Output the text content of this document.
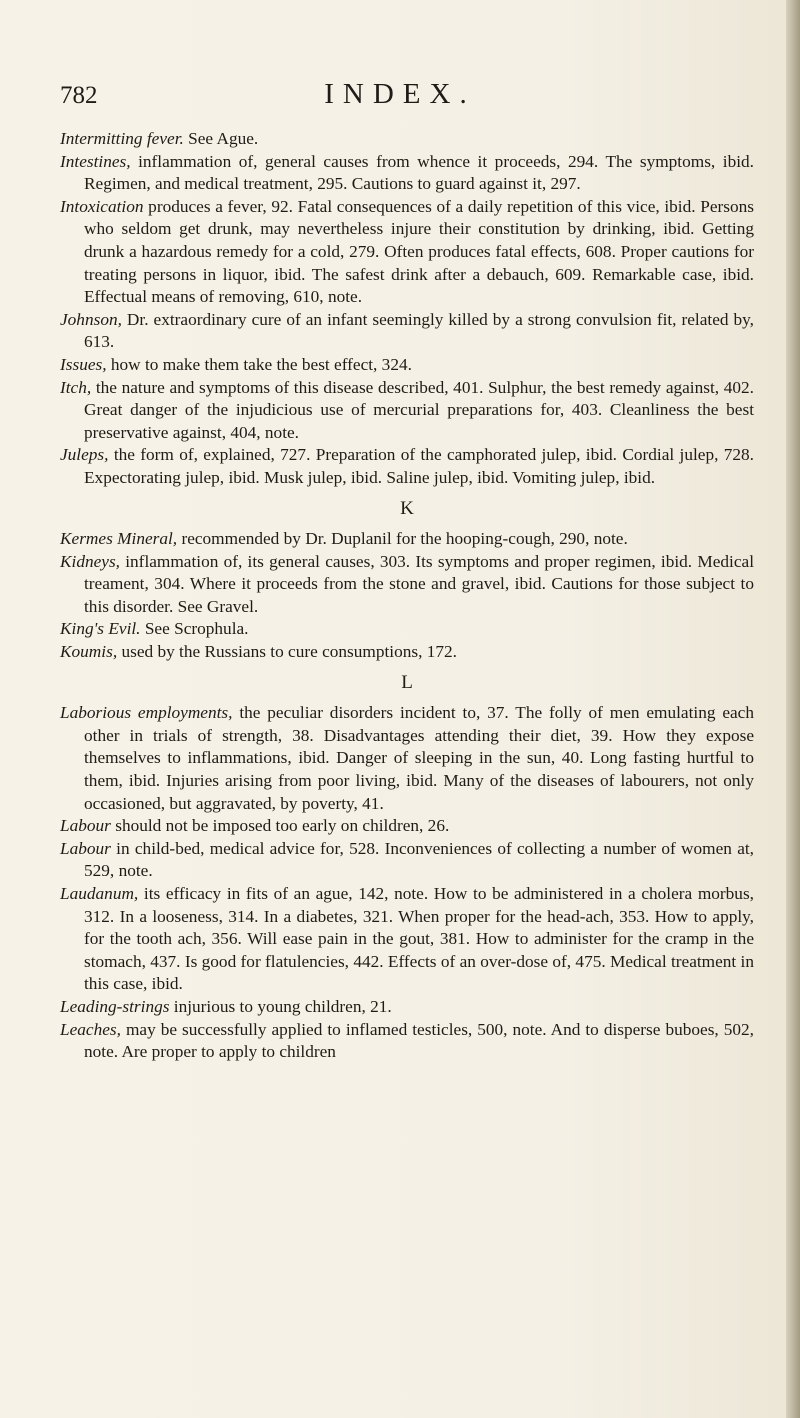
782	INDEX.

Intermitting fever. See Ague.

Intestines, inflammation of, general causes from whence it proceeds, 294. The symptoms, ibid. Regimen, and medical treatment, 295. Cautions to guard against it, 297.

Intoxication produces a fever, 92. Fatal consequences of a daily repetition of this vice, ibid. Persons who seldom get drunk, may nevertheless injure their constitution by drinking, ibid. Getting drunk a hazardous remedy for a cold, 279. Often produces fatal effects, 608. Proper cautions for treating persons in liquor, ibid. The safest drink after a debauch, 609. Remarkable case, ibid. Effectual means of removing, 610, note.

Johnson, Dr. extraordinary cure of an infant seemingly killed by a strong convulsion fit, related by, 613.

Issues, how to make them take the best effect, 324.

Itch, the nature and symptoms of this disease described, 401. Sulphur, the best remedy against, 402. Great danger of the injudicious use of mercurial preparations for, 403. Cleanliness the best preservative against, 404, note.

Juleps, the form of, explained, 727. Preparation of the camphorated julep, ibid. Cordial julep, 728. Expectorating julep, ibid. Musk julep, ibid. Saline julep, ibid. Vomiting julep, ibid.

K

Kermes Mineral, recommended by Dr. Duplanil for the hooping-cough, 290, note.

Kidneys, inflammation of, its general causes, 303. Its symptoms and proper regimen, ibid. Medical treament, 304. Where it proceeds from the stone and gravel, ibid. Cautions for those subject to this disorder. See Gravel.

King's Evil. See Scrophula.

Koumis, used by the Russians to cure consumptions, 172.

L

Laborious employments, the peculiar disorders incident to, 37. The folly of men emulating each other in trials of strength, 38. Disadvantages attending their diet, 39. How they expose themselves to inflammations, ibid. Danger of sleeping in the sun, 40. Long fasting hurtful to them, ibid. Injuries arising from poor living, ibid. Many of the diseases of labourers, not only occasioned, but aggravated, by poverty, 41.

Labour should not be imposed too early on children, 26.

Labour in child-bed, medical advice for, 528. Inconveniences of collecting a number of women at, 529, note.

Laudanum, its efficacy in fits of an ague, 142, note. How to be administered in a cholera morbus, 312. In a looseness, 314. In a diabetes, 321. When proper for the head-ach, 353. How to apply, for the tooth ach, 356. Will ease pain in the gout, 381. How to administer for the cramp in the stomach, 437. Is good for flatulencies, 442. Effects of an over-dose of, 475. Medical treatment in this case, ibid.

Leading-strings injurious to young children, 21.

Leaches, may be successfully applied to inflamed testicles, 500, note. And to disperse buboes, 502, note. Are proper to apply to children
